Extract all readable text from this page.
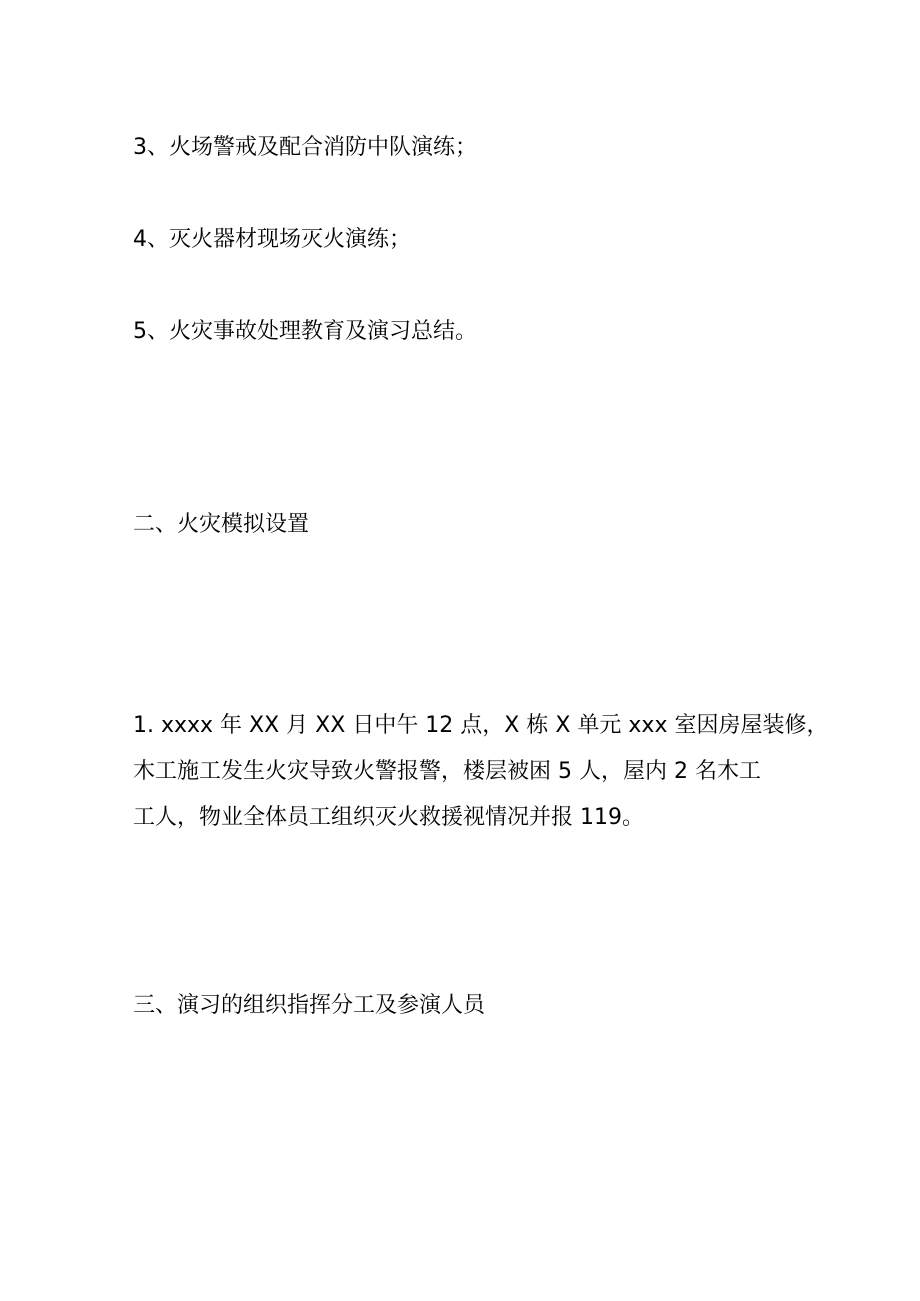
3、火场警戒及配合消防中队演练；

4、灭火器材现场灭火演练；

5、火灾事故处理教育及演习总结。

二、火灾模拟设置
1. xxxx 年 XX 月 XX 日中午 12 点，X 栋 X 单元 xxx 室因房屋装修，
木工施工发生火灾导致火警报警，楼层被困 5 人，屋内 2 名木工
工人，物业全体员工组织灭火救援视情况并报 119。
三、演习的组织指挥分工及参演人员
